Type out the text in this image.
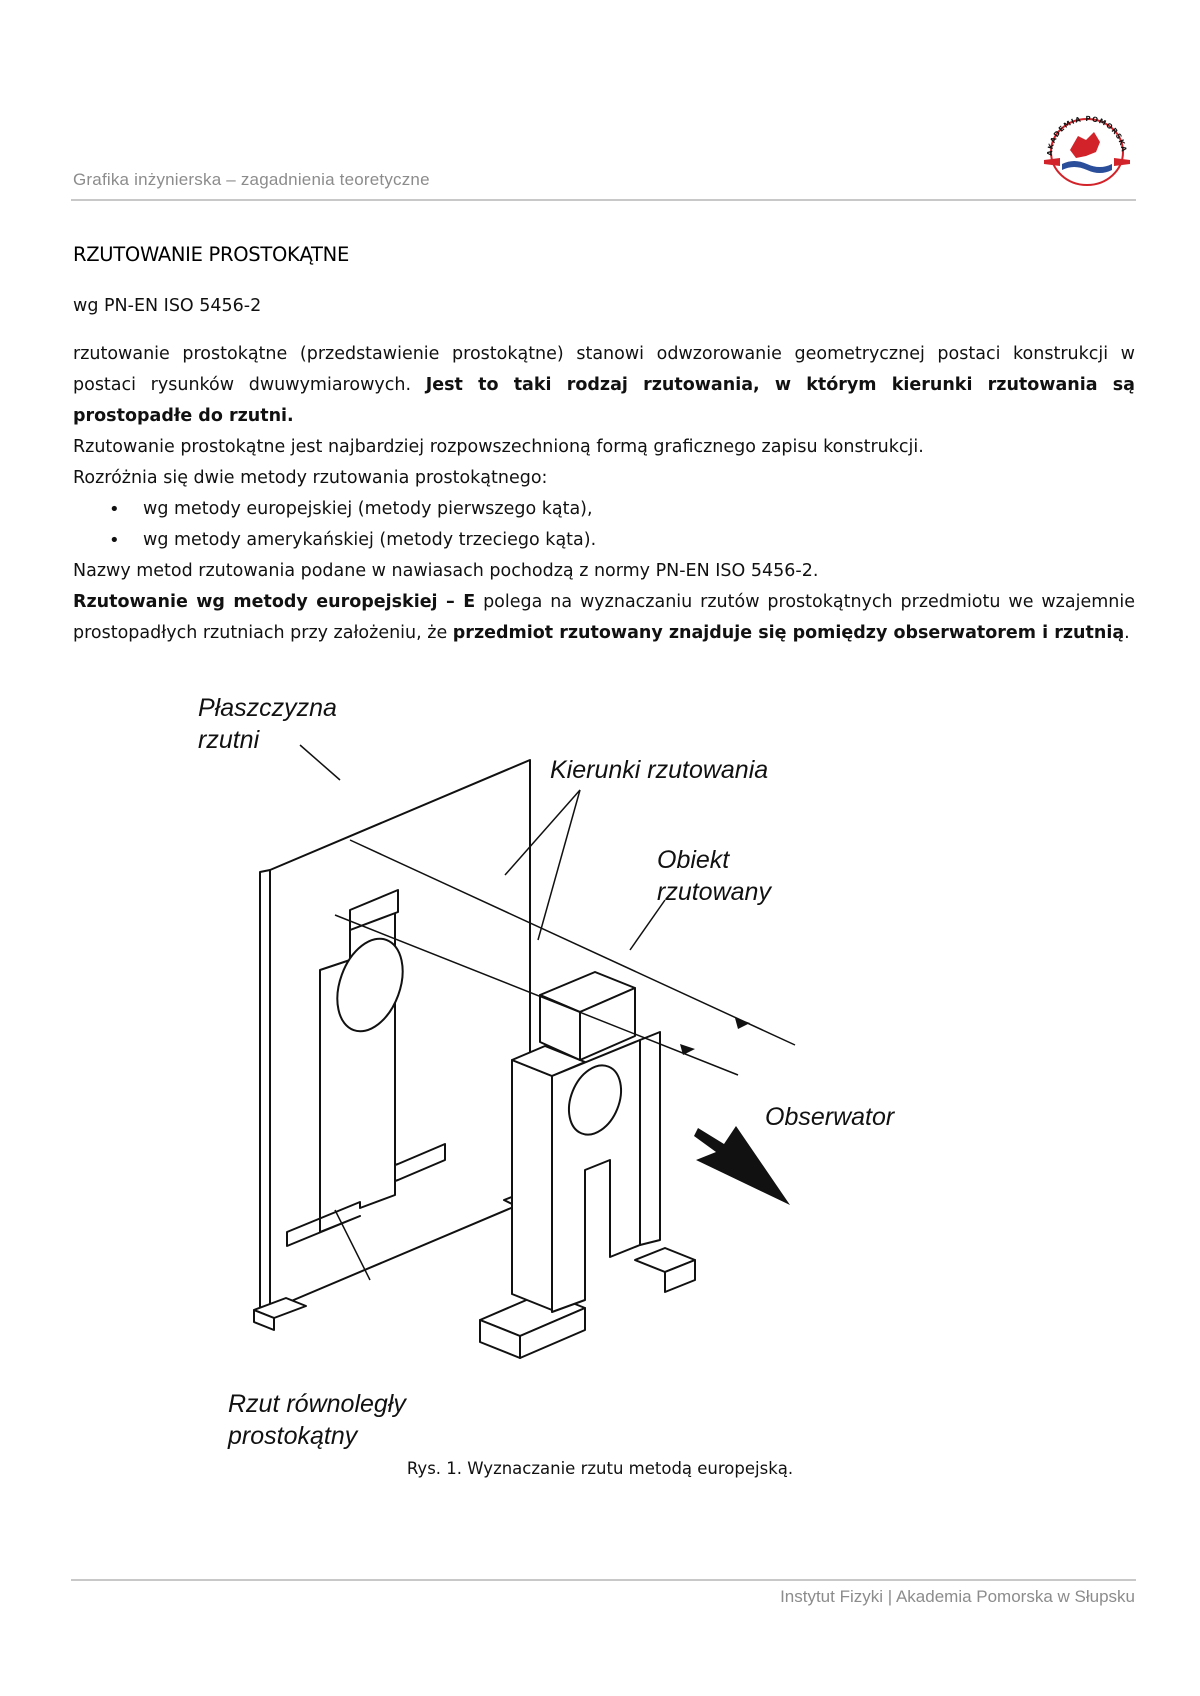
Grafika inżynierska – zagadnienia teoretyczne
AKADEMIA POMORSKA
RZUTOWANIE PROSTOKĄTNE

wg PN-EN ISO 5456-2

rzutowanie prostokątne (przedstawienie prostokątne) stanowi odwzorowanie geometrycznej postaci konstrukcji w postaci rysunków dwuwymiarowych. Jest to taki rodzaj rzutowania, w którym kierunki rzutowania są prostopadłe do rzutni.

Rzutowanie prostokątne jest najbardziej rozpowszechnioną formą graficznego zapisu konstrukcji.

Rozróżnia się dwie metody rzutowania prostokątnego:

• wg metody europejskiej (metody pierwszego kąta),
• wg metody amerykańskiej (metody trzeciego kąta).

Nazwy metod rzutowania podane w nawiasach pochodzą z normy PN-EN ISO 5456-2.

Rzutowanie wg metody europejskiej – E polega na wyznaczaniu rzutów prostokątnych przedmiotu we wzajemnie prostopadłych rzutniach przy założeniu, że przedmiot rzutowany znajduje się pomiędzy obserwatorem i rzutnią.

Płaszczyzna
rzutni
Kierunki rzutowania
Obiekt
rzutowany
Obserwator
Rzut równoległy
prostokątny
Rys. 1. Wyznaczanie rzutu metodą europejską.
Instytut Fizyki | Akademia Pomorska w Słupsku
